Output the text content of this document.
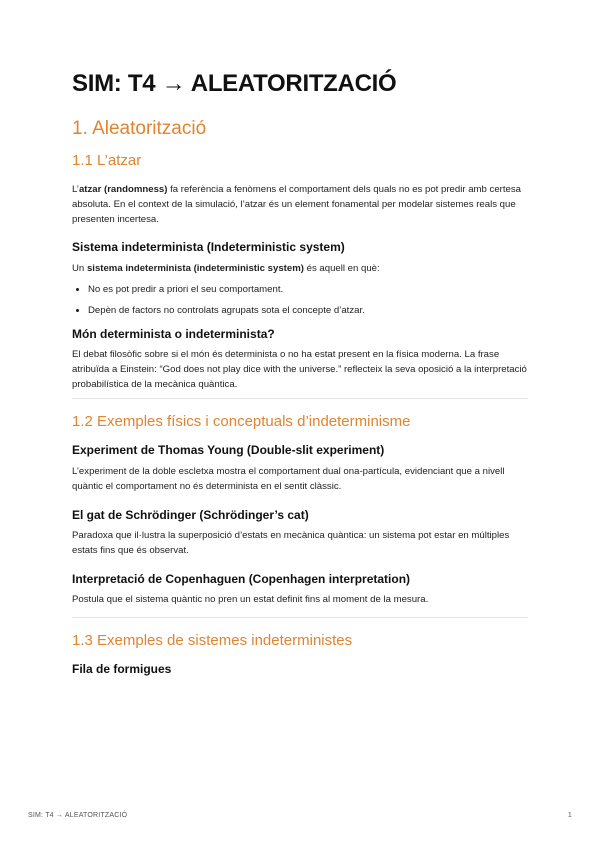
SIM: T4 → ALEATORITZACIÓ
1. Aleatorització
1.1 L’atzar

L’atzar (randomness) fa referència a fenòmens el comportament dels quals no es pot predir amb certesa absoluta. En el context de la simulació, l’atzar és un element fonamental per modelar sistemes reals que presenten incertesa.

Sistema indeterminista (Indeterministic system)

Un sistema indeterminista (indeterministic system) és aquell en què:

• No es pot predir a priori el seu comportament.
• Depèn de factors no controlats agrupats sota el concepte d’atzar.
Món determinista o indeterminista?

El debat filosòfic sobre si el món és determinista o no ha estat present en la física moderna. La frase atribuïda a Einstein: “God does not play dice with the universe.” reflecteix la seva oposició a la interpretació probabilística de la mecànica quàntica.

1.2 Exemples físics i conceptuals d’indeterminisme
Experiment de Thomas Young (Double-slit experiment)

L’experiment de la doble escletxa mostra el comportament dual ona-partícula, evidenciant que a nivell quàntic el comportament no és determinista en el sentit clàssic.

El gat de Schrödinger (Schrödinger’s cat)

Paradoxa que il·lustra la superposició d’estats en mecànica quàntica: un sistema pot estar en múltiples estats fins que és observat.

Interpretació de Copenhaguen (Copenhagen interpretation)

Postula que el sistema quàntic no pren un estat definit fins al moment de la mesura.

1.3 Exemples de sistemes indeterministes
Fila de formigues
SIM: T4 → ALEATORITZACIÓ	1
